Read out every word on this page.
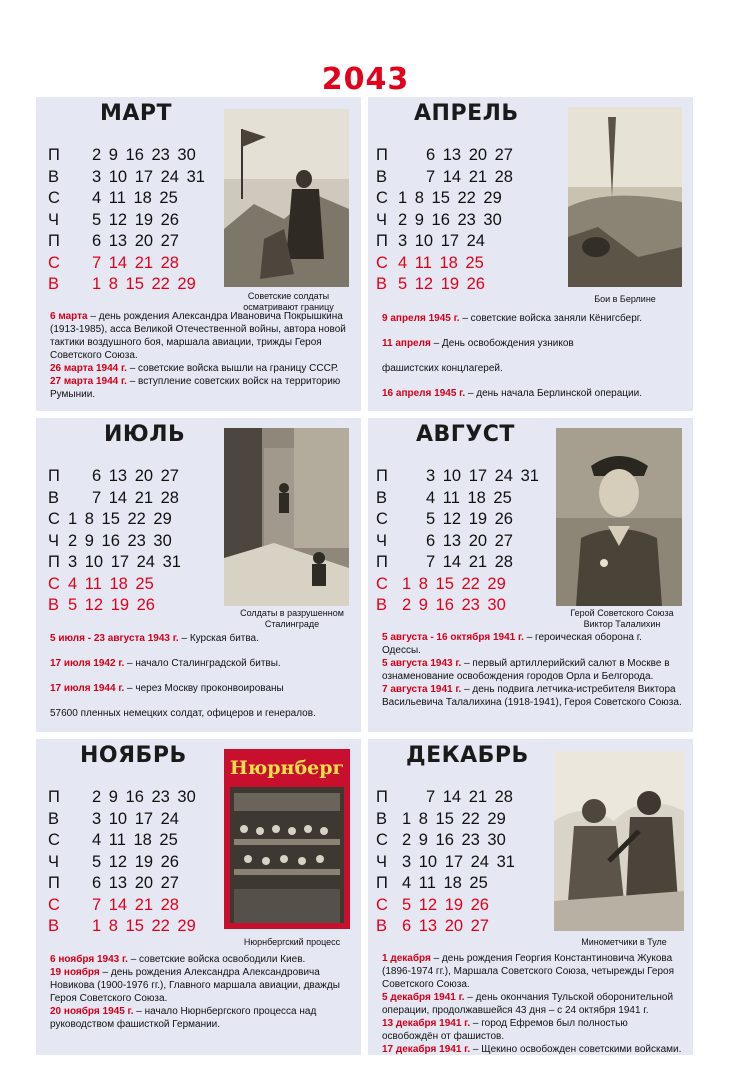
2043
МАРТ
П 2 9 16 23 30
В 3 10 17 24 31
С 4 11 18 25
Ч 5 12 19 26
П 6 13 20 27
С 7 14 21 28
В 1 8 15 22 29
Советские солдаты осматривают границу

6 марта – день рождения Александра Ивановича Покрышкина (1913-1985), асса Великой Отечественной войны, автора новой тактики воздушного боя, маршала авиации, трижды Героя Советского Союза.

26 марта 1944 г. – советские войска вышли на границу СССР.

27 марта 1944 г. – вступление советских войск на территорию Румынии.

АПРЕЛЬ
П 6 13 20 27
В 7 14 21 28
С 1 8 15 22 29
Ч 2 9 16 23 30
П 3 10 17 24
С 4 11 18 25
В 5 12 19 26
Бои в Берлине

9 апреля 1945 г. – советские войска заняли Кёнигсберг.

11 апреля – День освобождения узников

фашистских концлагерей.

16 апреля 1945 г. – день начала Берлинской операции.

ИЮЛЬ
П 6 13 20 27
В 7 14 21 28
С 1 8 15 22 29
Ч 2 9 16 23 30
П 3 10 17 24 31
С 4 11 18 25
В 5 12 19 26	Солдаты в разрушенном Сталинграде

5 июля - 23 августа 1943 г. – Курская битва.

17 июля 1942 г. – начало Сталинградской битвы.

17 июля 1944 г. – через Москву проконвоированы

57600 пленных немецких солдат, офицеров и генералов.

АВГУСТ
П 3 10 17 24 31
В 4 11 18 25
С 5 12 19 26
Ч 6 13 20 27
П 7 14 21 28
С 1 8 15 22 29
В 2 9 16 23 30	Герой Советского Союза Виктор Талалихин

5 августа - 16 октября 1941 г. – героическая оборона г. Одессы.

5 августа 1943 г. – первый артиллерийский салют в Москве в ознаменование освобождения городов Орла и Белгорода.

7 августа 1941 г. – день подвига летчика-истребителя Виктора Васильевича Талалихина (1918-1941), Героя Советского Союза.

НОЯБРЬ
П 2 9 16 23 30
В 3 10 17 24
С 4 11 18 25
Ч 5 12 19 26
П 6 13 20 27
С 7 14 21 28
В 1 8 15 22 29
Нюрнберг
Нюрнбергский процесс

6 ноября 1943 г. – советские войска освободили Киев.

19 ноября – день рождения Александра Александровича Новикова (1900-1976 гг.), Главного маршала авиации, дважды Героя Советского Союза.

20 ноября 1945 г. – начало Нюрнбергского процесса над руководством фашисткой Германии.

ДЕКАБРЬ
П 7 14 21 28
В 1 8 15 22 29
С 2 9 16 23 30
Ч 3 10 17 24 31
П 4 11 18 25
С 5 12 19 26
В 6 13 20 27
Минометчики в Туле

1 декабря – день рождения Георгия Константиновича Жукова (1896-1974 гг.), Маршала Советского Союза, четырежды Героя Советского Союза.

5 декабря 1941 г. – день окончания Тульской оборонительной операции, продолжавшейся 43 дня – с 24 октября 1941 г.

13 декабря 1941 г. – город Ефремов был полностью освобождён от фашистов.

17 декабря 1941 г. – Щекино освобожден советскими войсками.
